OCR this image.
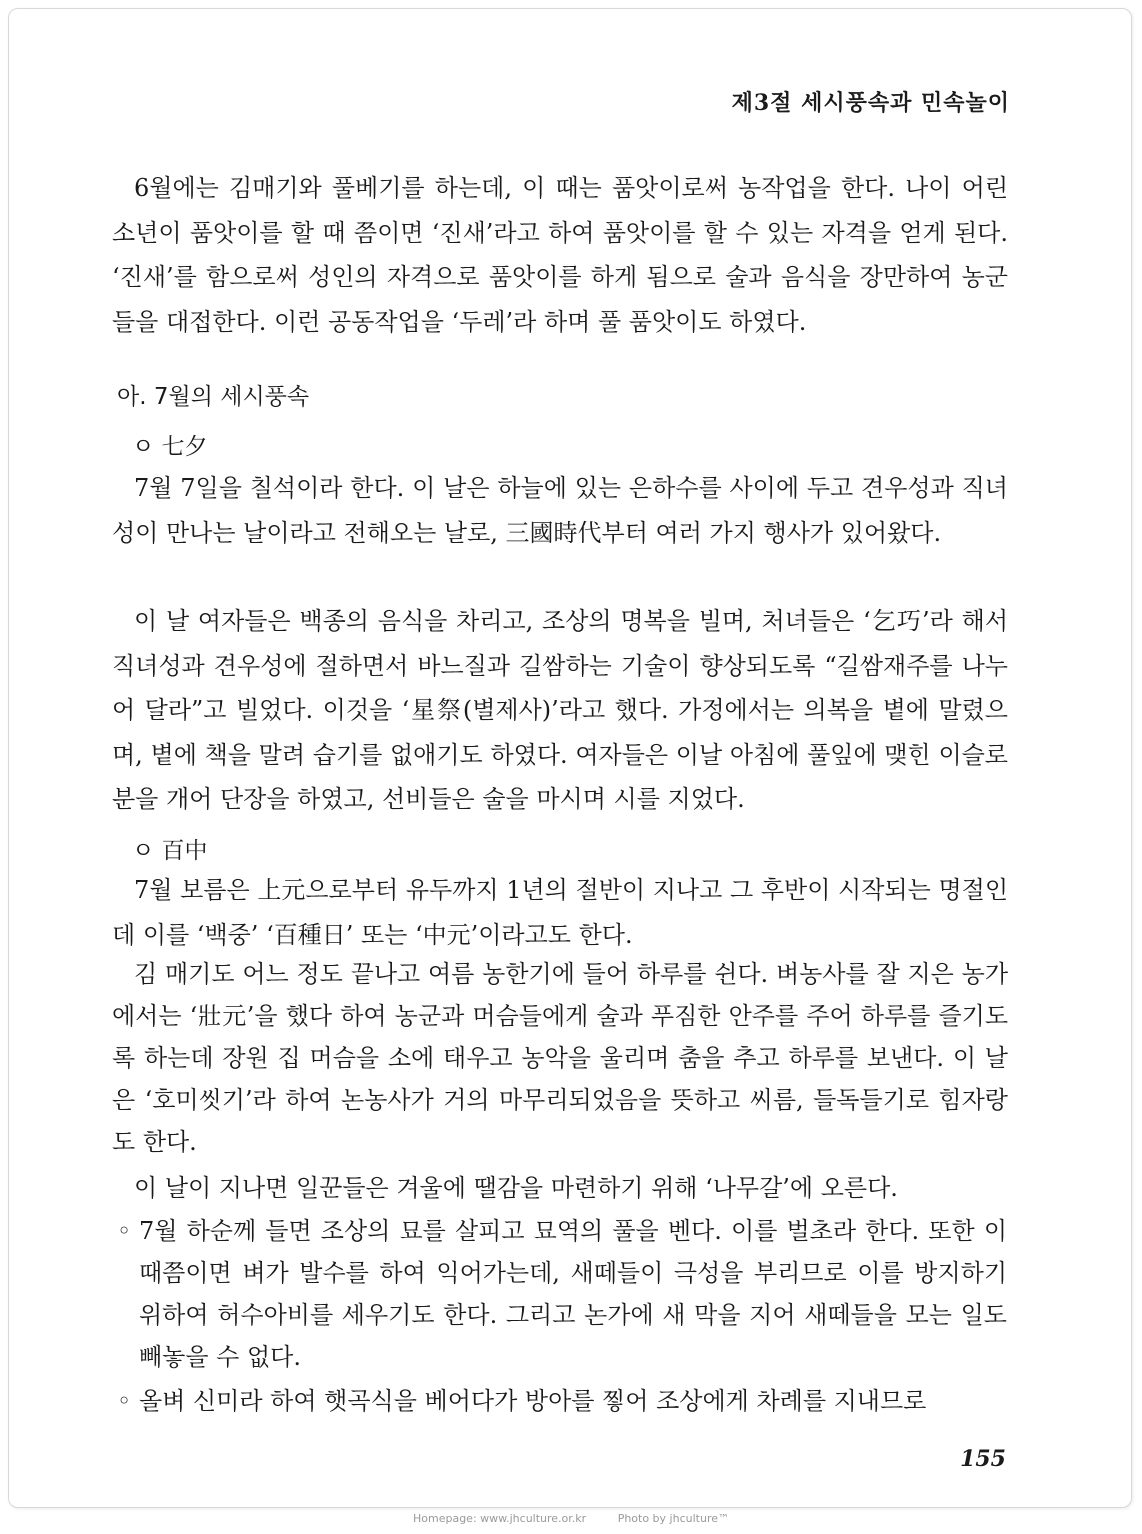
제3절 세시풍속과 민속놀이

6월에는 김매기와 풀베기를 하는데, 이 때는 품앗이로써 농작업을 한다. 나이 어린 소년이 품앗이를 할 때 쯤이면 ‘진새’라고 하여 품앗이를 할 수 있는 자격을 얻게 된다. ‘진새’를 함으로써 성인의 자격으로 품앗이를 하게 됨으로 술과 음식을 장만하여 농군들을 대접한다. 이런 공동작업을 ‘두레’라 하며 풀 품앗이도 하였다.

아. 7월의 세시풍속
ㅇ 七夕

7월 7일을 칠석이라 한다. 이 날은 하늘에 있는 은하수를 사이에 두고 견우성과 직녀성이 만나는 날이라고 전해오는 날로, 三國時代부터 여러 가지 행사가 있어왔다.

이 날 여자들은 백종의 음식을 차리고, 조상의 명복을 빌며, 처녀들은 ‘乞巧’라 해서 직녀성과 견우성에 절하면서 바느질과 길쌈하는 기술이 향상되도록 “길쌈재주를 나누어 달라”고 빌었다. 이것을 ‘星祭(별제사)’라고 했다. 가정에서는 의복을 볕에 말렸으며, 볕에 책을 말려 습기를 없애기도 하였다. 여자들은 이날 아침에 풀잎에 맺힌 이슬로 분을 개어 단장을 하였고, 선비들은 술을 마시며 시를 지었다.

ㅇ 百中

7월 보름은 上元으로부터 유두까지 1년의 절반이 지나고 그 후반이 시작되는 명절인데 이를 ‘백중’ ‘百種日’ 또는 ‘中元’이라고도 한다.

김 매기도 어느 정도 끝나고 여름 농한기에 들어 하루를 쉰다. 벼농사를 잘 지은 농가에서는 ‘壯元’을 했다 하여 농군과 머슴들에게 술과 푸짐한 안주를 주어 하루를 즐기도록 하는데 장원 집 머슴을 소에 태우고 농악을 울리며 춤을 추고 하루를 보낸다. 이 날은 ‘호미씻기’라 하여 논농사가 거의 마무리되었음을 뜻하고 씨름, 들독들기로 힘자랑도 한다.

이 날이 지나면 일꾼들은 겨울에 땔감을 마련하기 위해 ‘나무갈’에 오른다.

◦ 7월 하순께 들면 조상의 묘를 살피고 묘역의 풀을 벤다. 이를 벌초라 한다. 또한 이 때쯤이면 벼가 발수를 하여 익어가는데, 새떼들이 극성을 부리므로 이를 방지하기 위하여 허수아비를 세우기도 한다. 그리고 논가에 새 막을 지어 새떼들을 모는 일도 빼놓을 수 없다.
◦ 올벼 신미라 하여 햇곡식을 베어다가 방아를 찧어 조상에게 차례를 지내므로
155
Homepage: www.jhculture.or.kr	Photo by jhculture™
